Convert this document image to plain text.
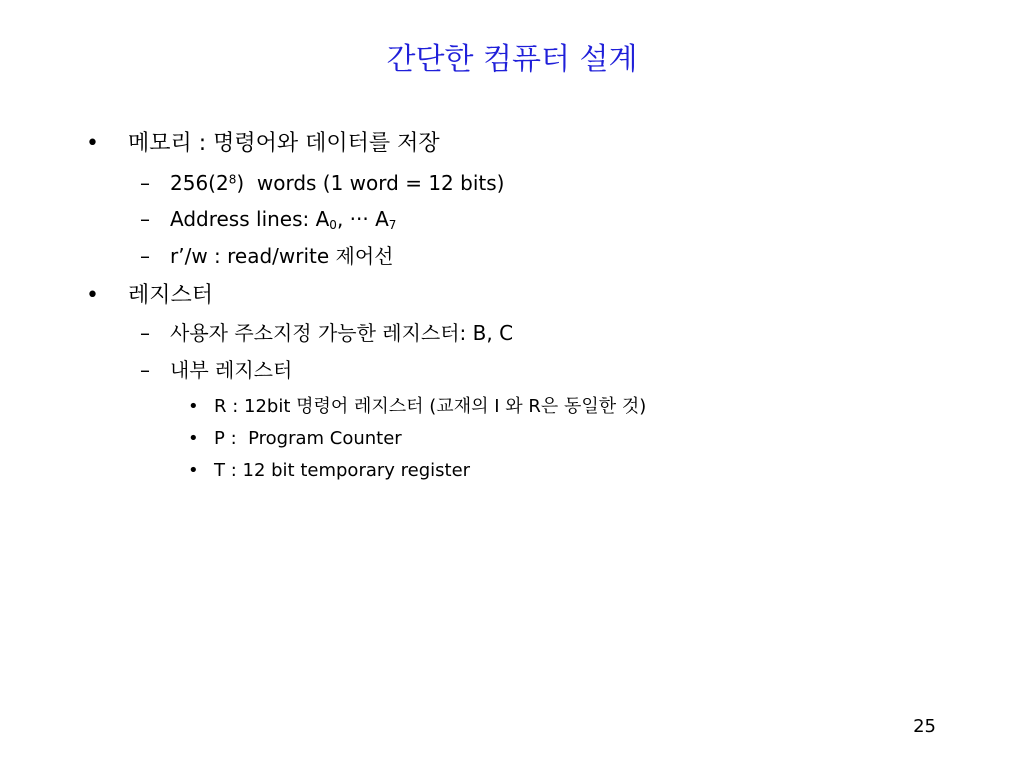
간단한 컴퓨터 설계
• 메모리 : 명령어와 데이터를 저장
– $256(2^8)$  words (1 word = 12 bits)
– Address lines: $A_0$, ··· $A_7$
– r’/w : read/write 제어선
• 레지스터
– 사용자 주소지정 가능한 레지스터: B, C
– 내부 레지스터
• R : 12bit 명령어 레지스터 (교재의 I 와 R은 동일한 것)
• P :  Program Counter
• T : 12 bit temporary register
25
